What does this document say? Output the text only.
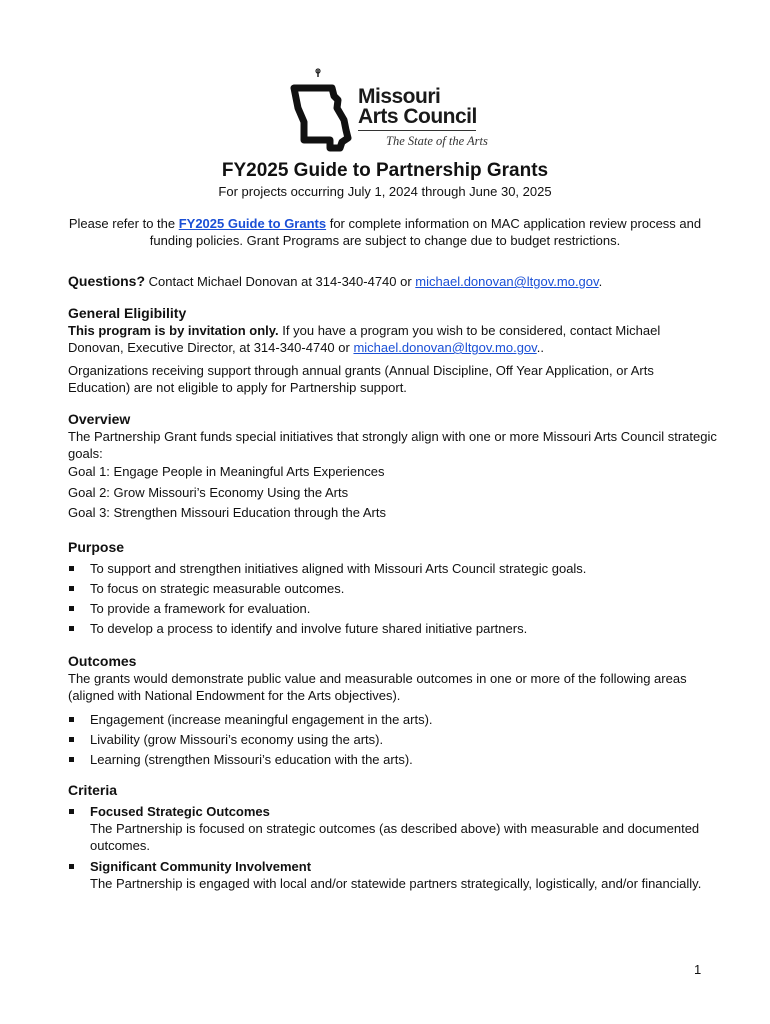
Missouri
Arts Council
The State of the Arts
FY2025 Guide to Partnership Grants
For projects occurring July 1, 2024 through June 30, 2025
Please refer to the FY2025 Guide to Grants for complete information on MAC application review process and funding policies. Grant Programs are subject to change due to budget restrictions.
Questions? Contact Michael Donovan at 314-340-4740 or michael.donovan@ltgov.mo.gov.
General Eligibility

This program is by invitation only. If you have a program you wish to be considered, contact Michael Donovan, Executive Director, at 314-340-4740 or michael.donovan@ltgov.mo.gov..

Organizations receiving support through annual grants (Annual Discipline, Off Year Application, or Arts Education) are not eligible to apply for Partnership support.

Overview

The Partnership Grant funds special initiatives that strongly align with one or more Missouri Arts Council strategic goals:

Goal 1: Engage People in Meaningful Arts Experiences

Goal 2: Grow Missouri’s Economy Using the Arts

Goal 3: Strengthen Missouri Education through the Arts

Purpose
To support and strengthen initiatives aligned with Missouri Arts Council strategic goals.
To focus on strategic measurable outcomes.
To provide a framework for evaluation.
To develop a process to identify and involve future shared initiative partners.
Outcomes

The grants would demonstrate public value and measurable outcomes in one or more of the following areas (aligned with National Endowment for the Arts objectives).

Engagement (increase meaningful engagement in the arts).
Livability (grow Missouri’s economy using the arts).
Learning (strengthen Missouri’s education with the arts).
Criteria
Focused Strategic Outcomes
The Partnership is focused on strategic outcomes (as described above) with measurable and documented outcomes.
Significant Community Involvement
The Partnership is engaged with local and/or statewide partners strategically, logistically, and/or financially.
1
